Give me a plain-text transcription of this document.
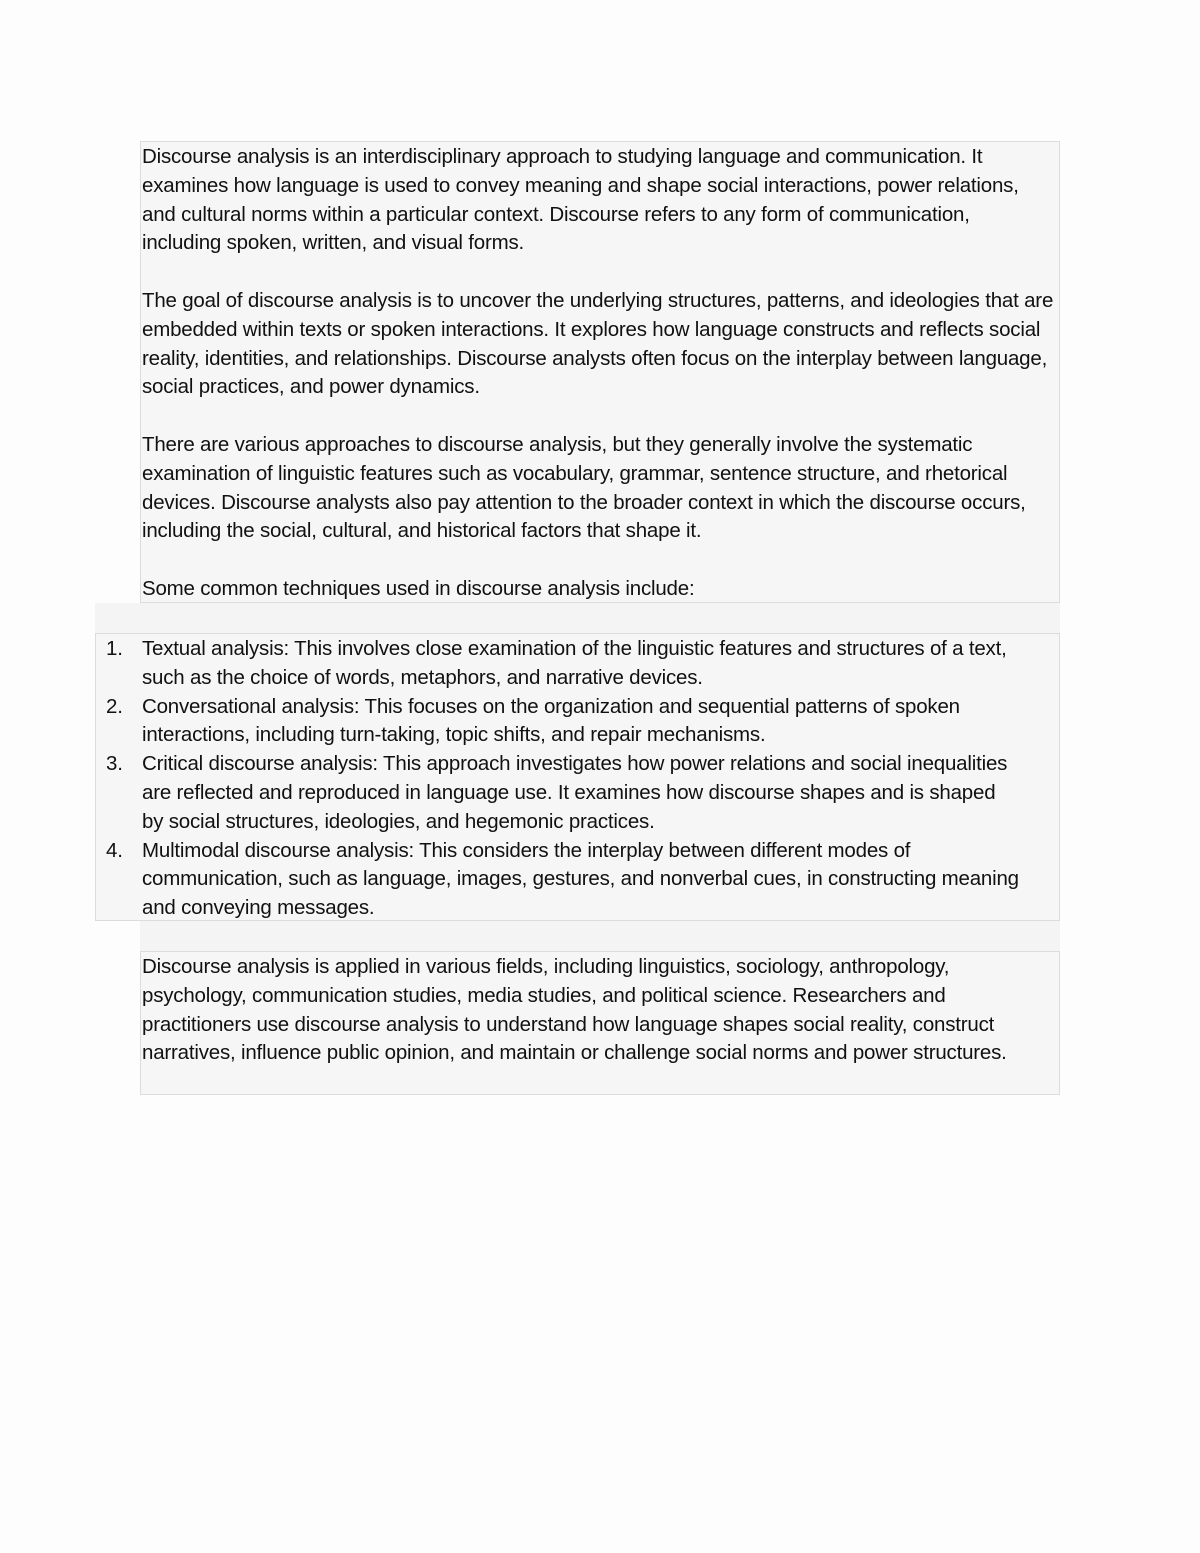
Discourse analysis is an interdisciplinary approach to studying language and communication. It examines how language is used to convey meaning and shape social interactions, power relations, and cultural norms within a particular context. Discourse refers to any form of communication, including spoken, written, and visual forms.

The goal of discourse analysis is to uncover the underlying structures, patterns, and ideologies that are embedded within texts or spoken interactions. It explores how language constructs and reflects social reality, identities, and relationships. Discourse analysts often focus on the interplay between language, social practices, and power dynamics.

There are various approaches to discourse analysis, but they generally involve the systematic examination of linguistic features such as vocabulary, grammar, sentence structure, and rhetorical devices. Discourse analysts also pay attention to the broader context in which the discourse occurs, including the social, cultural, and historical factors that shape it.

Some common techniques used in discourse analysis include:

1. Textual analysis: This involves close examination of the linguistic features and structures of a text, such as the choice of words, metaphors, and narrative devices.
2. Conversational analysis: This focuses on the organization and sequential patterns of spoken interactions, including turn-taking, topic shifts, and repair mechanisms.
3. Critical discourse analysis: This approach investigates how power relations and social inequalities are reflected and reproduced in language use. It examines how discourse shapes and is shaped by social structures, ideologies, and hegemonic practices.
4. Multimodal discourse analysis: This considers the interplay between different modes of communication, such as language, images, gestures, and nonverbal cues, in constructing meaning and conveying messages.

Discourse analysis is applied in various fields, including linguistics, sociology, anthropology, psychology, communication studies, media studies, and political science. Researchers and practitioners use discourse analysis to understand how language shapes social reality, construct narratives, influence public opinion, and maintain or challenge social norms and power structures.
